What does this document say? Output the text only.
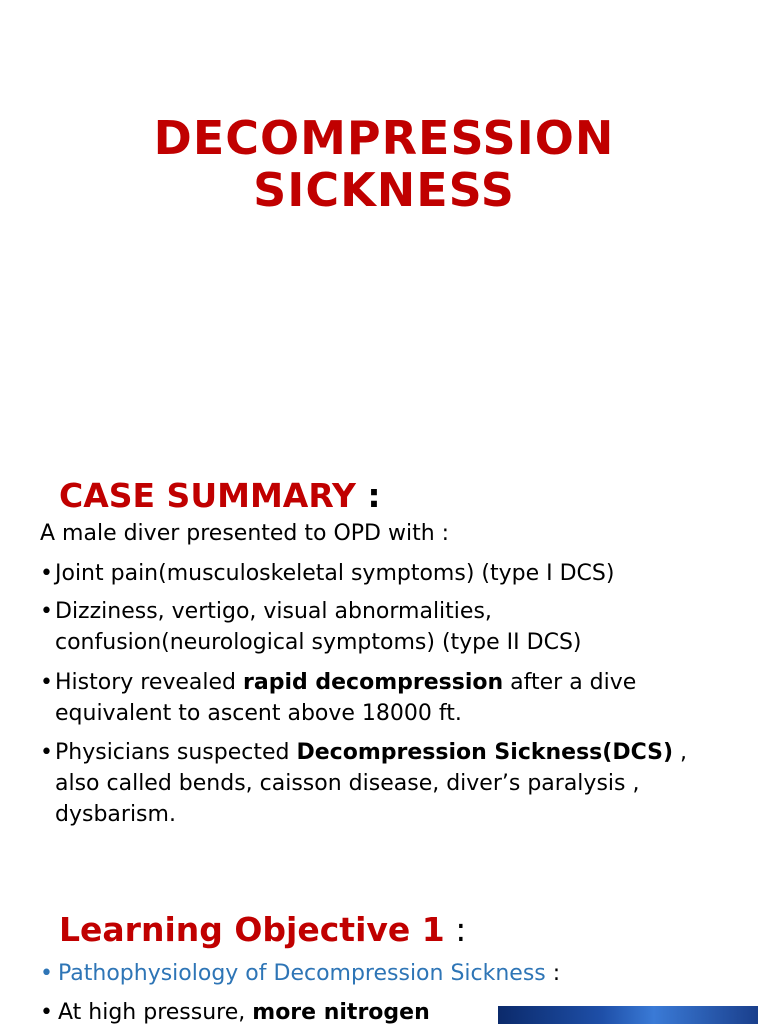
DECOMPRESSION
SICKNESS
CASE SUMMARY :
A male diver presented to OPD with :
• Joint pain(musculoskeletal symptoms) (type I DCS)
• Dizziness, vertigo, visual abnormalities,
confusion(neurological symptoms) (type II DCS)
• History revealed rapid decompression after a dive
equivalent to ascent above 18000 ft.
• Physicians suspected Decompression Sickness(DCS) ,
also called bends, caisson disease, diver’s paralysis ,
dysbarism.
Learning Objective 1 :
• Pathophysiology of Decompression Sickness :
• At high pressure, more nitrogen
